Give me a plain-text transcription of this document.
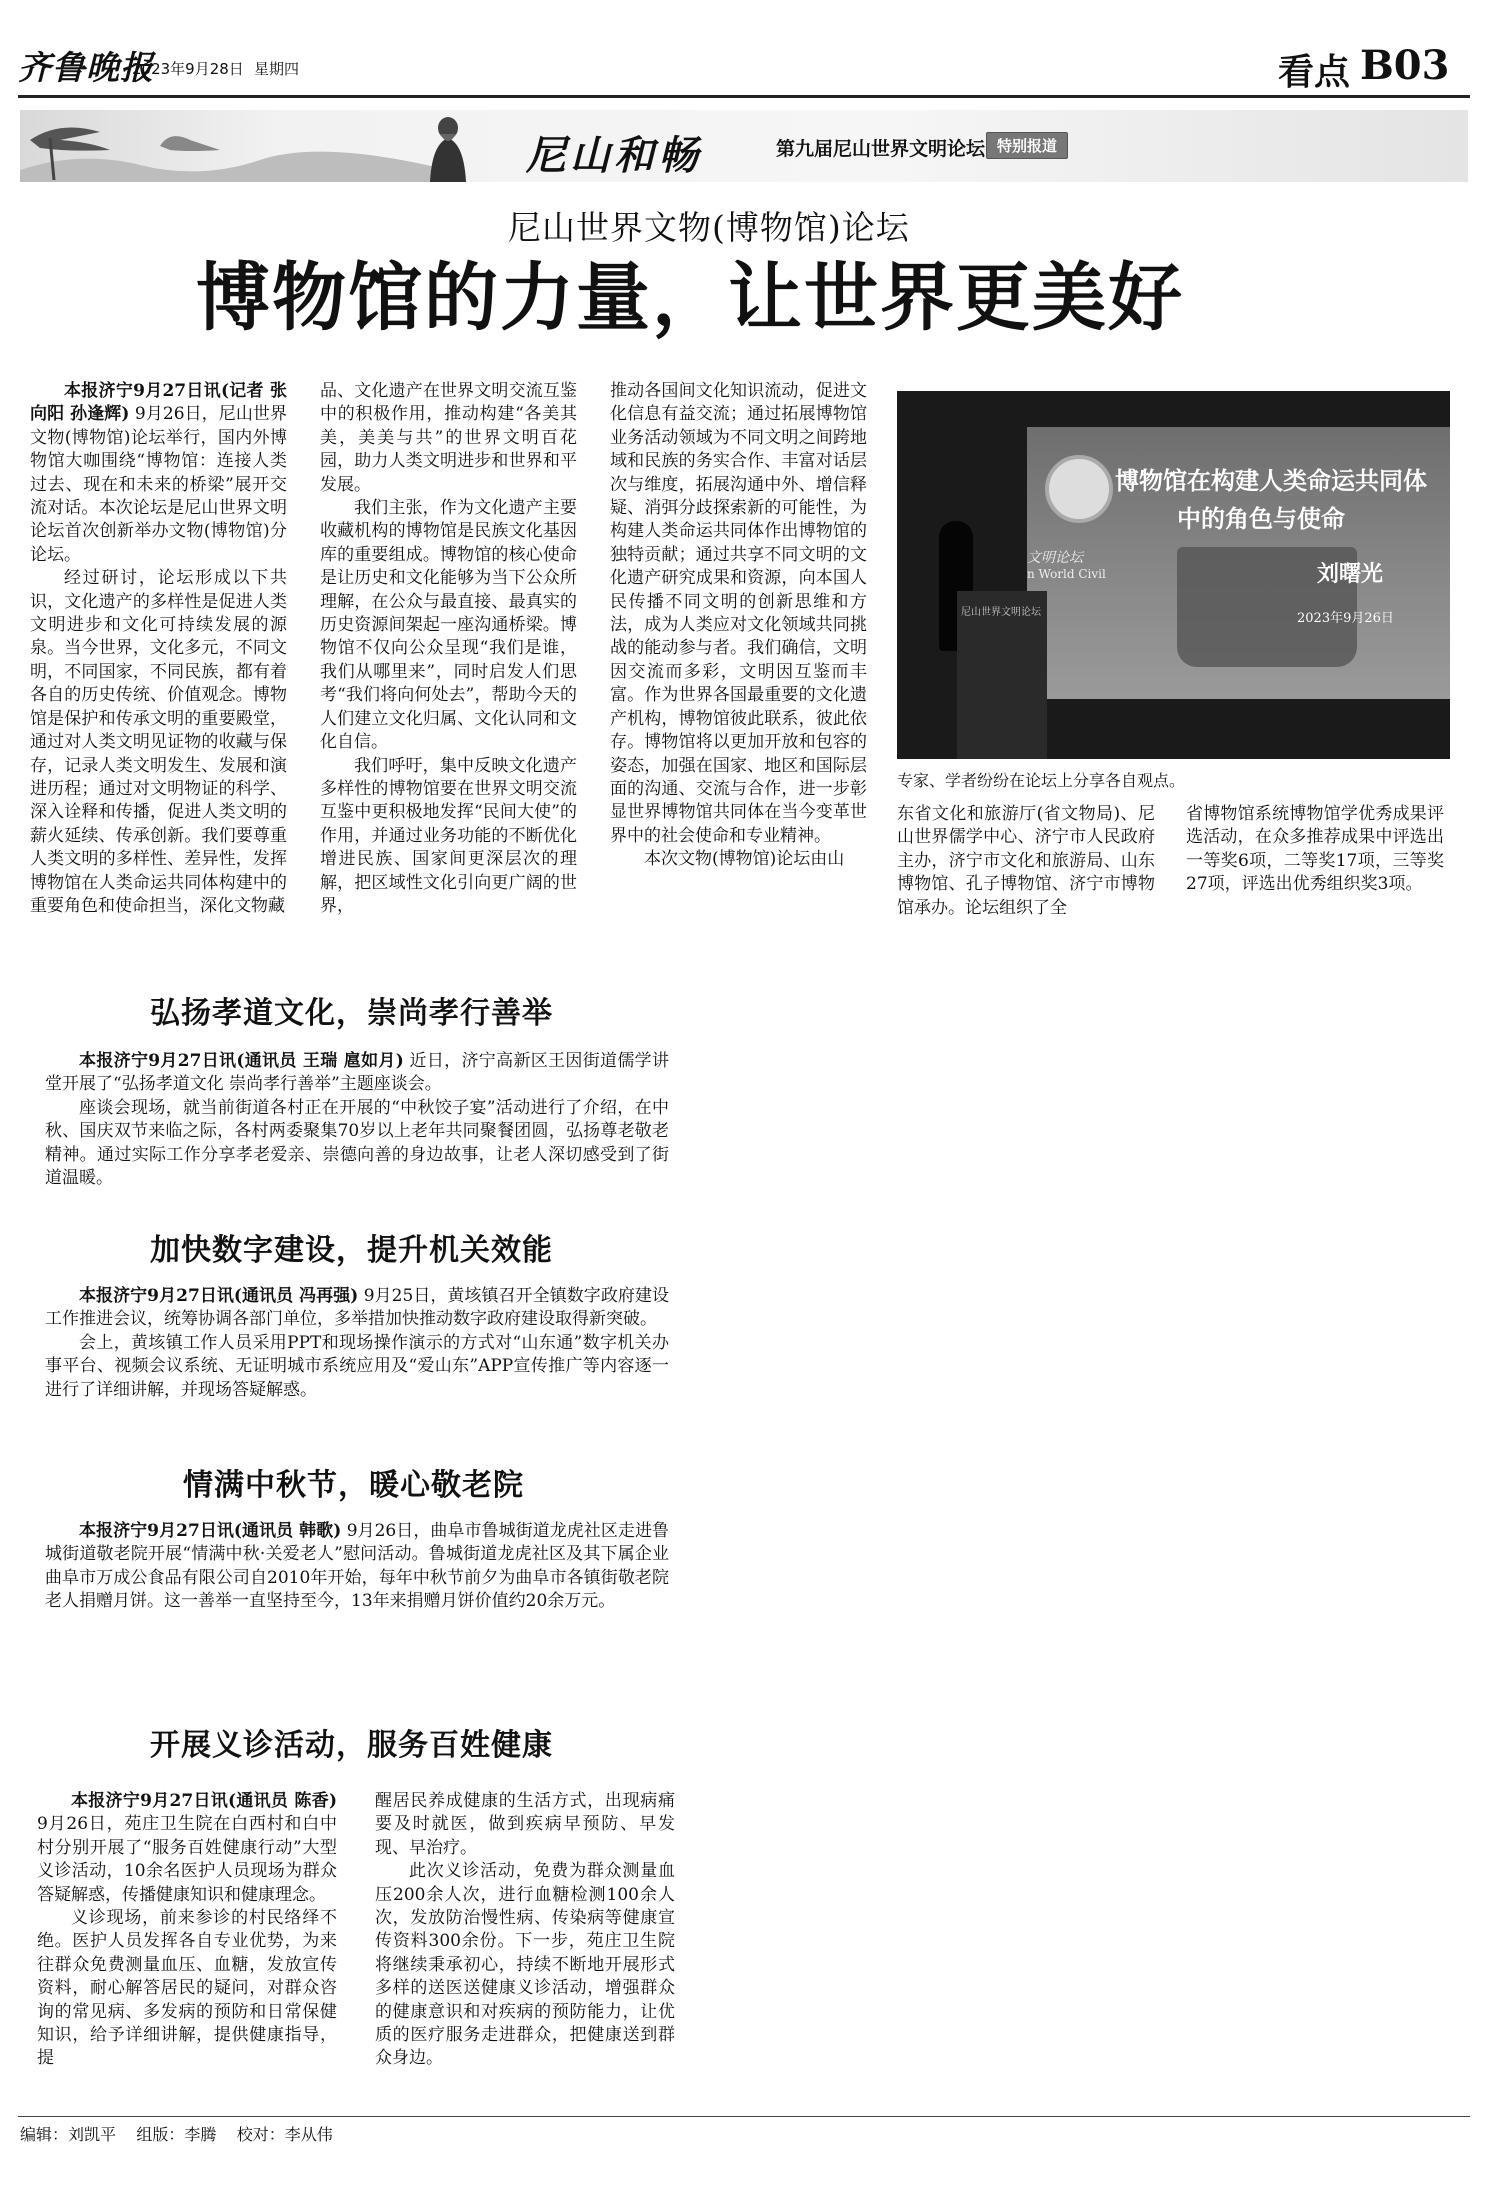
齐鲁晚报
2023年9月28日 星期四	看点 B03
尼山和畅	第九届尼山世界文明论坛 特别报道
尼山世界文物(博物馆)论坛
博物馆的力量，让世界更美好

本报济宁9月27日讯(记者 张向阳 孙逢辉) 9月26日，尼山世界文物(博物馆)论坛举行，国内外博物馆大咖围绕“博物馆：连接人类过去、现在和未来的桥梁”展开交流对话。本次论坛是尼山世界文明论坛首次创新举办文物(博物馆)分论坛。

经过研讨，论坛形成以下共识，文化遗产的多样性是促进人类文明进步和文化可持续发展的源泉。当今世界，文化多元，不同文明，不同国家，不同民族，都有着各自的历史传统、价值观念。博物馆是保护和传承文明的重要殿堂，通过对人类文明见证物的收藏与保存，记录人类文明发生、发展和演进历程；通过对文明物证的科学、深入诠释和传播，促进人类文明的薪火延续、传承创新。我们要尊重人类文明的多样性、差异性，发挥博物馆在人类命运共同体构建中的重要角色和使命担当，深化文物藏

品、文化遗产在世界文明交流互鉴中的积极作用，推动构建“各美其美，美美与共”的世界文明百花园，助力人类文明进步和世界和平发展。

我们主张，作为文化遗产主要收藏机构的博物馆是民族文化基因库的重要组成。博物馆的核心使命是让历史和文化能够为当下公众所理解，在公众与最直接、最真实的历史资源间架起一座沟通桥梁。博物馆不仅向公众呈现“我们是谁，我们从哪里来”，同时启发人们思考“我们将向何处去”，帮助今天的人们建立文化归属、文化认同和文化自信。

我们呼吁，集中反映文化遗产多样性的博物馆要在世界文明交流互鉴中更积极地发挥“民间大使”的作用，并通过业务功能的不断优化增进民族、国家间更深层次的理解，把区域性文化引向更广阔的世界，

推动各国间文化知识流动，促进文化信息有益交流；通过拓展博物馆业务活动领域为不同文明之间跨地域和民族的务实合作、丰富对话层次与维度，拓展沟通中外、增信释疑、消弭分歧探索新的可能性，为构建人类命运共同体作出博物馆的独特贡献；通过共享不同文明的文化遗产研究成果和资源，向本国人民传播不同文明的创新思维和方法，成为人类应对文化领域共同挑战的能动参与者。我们确信，文明因交流而多彩，文明因互鉴而丰富。作为世界各国最重要的文化遗产机构，博物馆彼此联系，彼此依存。博物馆将以更加开放和包容的姿态，加强在国家、地区和国际层面的沟通、交流与合作，进一步彰显世界博物馆共同体在当今变革世界中的社会使命和专业精神。

本次文物(博物馆)论坛由山

博物馆在构建人类命运共同体
中的角色与使命
文明论坛
n World Civil	刘曙光
2023年9月26日
尼山世界文明论坛
专家、学者纷纷在论坛上分享各自观点。

东省文化和旅游厅(省文物局)、尼山世界儒学中心、济宁市人民政府主办，济宁市文化和旅游局、山东博物馆、孔子博物馆、济宁市博物馆承办。论坛组织了全

省博物馆系统博物馆学优秀成果评选活动，在众多推荐成果中评选出一等奖6项，二等奖17项，三等奖27项，评选出优秀组织奖3项。

弘扬孝道文化，崇尚孝行善举

本报济宁9月27日讯(通讯员 王瑞 扈如月) 近日，济宁高新区王因街道儒学讲堂开展了“弘扬孝道文化 崇尚孝行善举”主题座谈会。

座谈会现场，就当前街道各村正在开展的“中秋饺子宴”活动进行了介绍，在中秋、国庆双节来临之际，各村两委聚集70岁以上老年共同聚餐团圆，弘扬尊老敬老精神。通过实际工作分享孝老爱亲、崇德向善的身边故事，让老人深切感受到了街道温暖。

加快数字建设，提升机关效能

本报济宁9月27日讯(通讯员 冯再强) 9月25日，黄垓镇召开全镇数字政府建设工作推进会议，统筹协调各部门单位，多举措加快推动数字政府建设取得新突破。

会上，黄垓镇工作人员采用PPT和现场操作演示的方式对“山东通”数字机关办事平台、视频会议系统、无证明城市系统应用及“爱山东”APP宣传推广等内容逐一进行了详细讲解，并现场答疑解惑。

情满中秋节，暖心敬老院

本报济宁9月27日讯(通讯员 韩歌) 9月26日，曲阜市鲁城街道龙虎社区走进鲁城街道敬老院开展“情满中秋·关爱老人”慰问活动。鲁城街道龙虎社区及其下属企业曲阜市万成公食品有限公司自2010年开始，每年中秋节前夕为曲阜市各镇街敬老院老人捐赠月饼。这一善举一直坚持至今，13年来捐赠月饼价值约20余万元。

开展义诊活动，服务百姓健康

本报济宁9月27日讯(通讯员 陈香) 9月26日，苑庄卫生院在白西村和白中村分别开展了“服务百姓健康行动”大型义诊活动，10余名医护人员现场为群众答疑解惑，传播健康知识和健康理念。

义诊现场，前来参诊的村民络绎不绝。医护人员发挥各自专业优势，为来往群众免费测量血压、血糖，发放宣传资料，耐心解答居民的疑问，对群众咨询的常见病、多发病的预防和日常保健知识，给予详细讲解，提供健康指导，提

醒居民养成健康的生活方式，出现病痛要及时就医，做到疾病早预防、早发现、早治疗。

此次义诊活动，免费为群众测量血压200余人次，进行血糖检测100余人次，发放防治慢性病、传染病等健康宣传资料300余份。下一步，苑庄卫生院将继续秉承初心，持续不断地开展形式多样的送医送健康义诊活动，增强群众的健康意识和对疾病的预防能力，让优质的医疗服务走进群众，把健康送到群众身边。

编辑：刘凯平 组版：李腾 校对：李从伟
